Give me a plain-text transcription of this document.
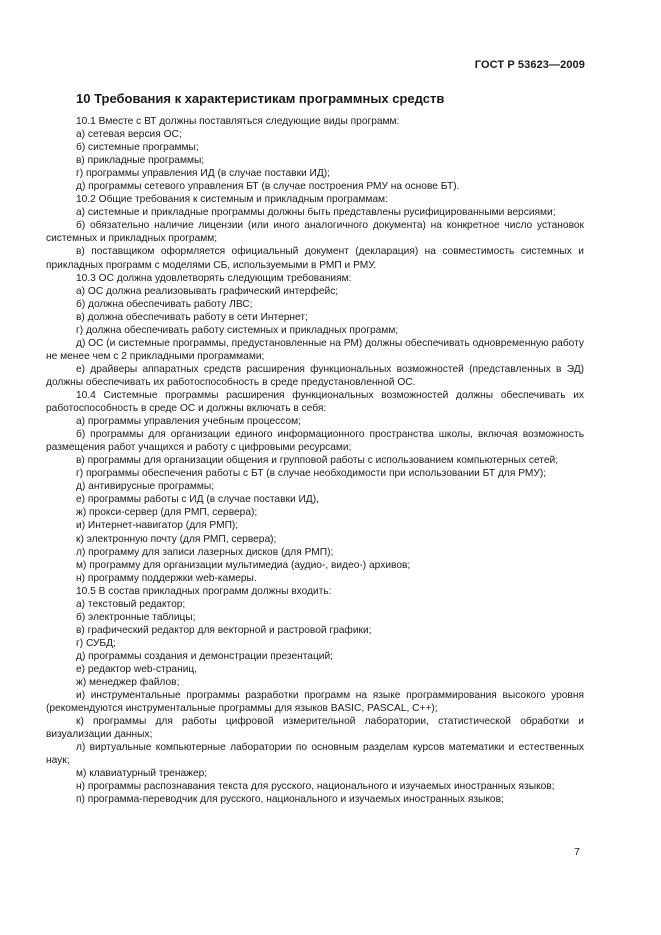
ГОСТ Р 53623—2009
10 Требования к характеристикам программных средств

10.1 Вместе с ВТ должны поставляться следующие виды программ:

а) сетевая версия ОС;

б) системные программы;

в) прикладные программы;

г) программы управления ИД (в случае поставки ИД);

д) программы сетевого управления БТ (в случае построения РМУ на основе БТ).

10.2 Общие требования к системным и прикладным программам:

а) системные и прикладные программы должны быть представлены русифицированными версиями;

б) обязательно наличие лицензии (или иного аналогичного документа) на конкретное число установок системных и прикладных программ;

в) поставщиком оформляется официальный документ (декларация) на совместимость системных и прикладных программ с моделями СБ, используемыми в РМП и РМУ.

10.3 ОС должна удовлетворять следующим требованиям:

а) ОС должна реализовывать графический интерфейс;

б) должна обеспечивать работу ЛВС;

в) должна обеспечивать работу в сети Интернет;

г) должна обеспечивать работу системных и прикладных программ;

д) ОС (и системные программы, предустановленные на РМ) должны обеспечивать одновременную работу не менее чем с 2 прикладными программами;

е) драйверы аппаратных средств расширения функциональных возможностей (представленных в ЭД) должны обеспечивать их работоспособность в среде предустановленной ОС.

10.4 Системные программы расширения функциональных возможностей должны обеспечивать их работоспособность в среде ОС и должны включать в себя:

а) программы управления учебным процессом;

б) программы для организации единого информационного пространства школы, включая возможность размещения работ учащихся и работу с цифровыми ресурсами;

в) программы для организации общения и групповой работы с использованием компьютерных сетей;

г) программы обеспечения работы с БТ (в случае необходимости при использовании БТ для РМУ);

д) антивирусные программы;

е) программы работы с ИД (в случае поставки ИД),

ж) прокси-сервер (для РМП, сервера);

и) Интернет-навигатор (для РМП);

к) электронную почту (для РМП, сервера);

л) программу для записи лазерных дисков (для РМП);

м) программу для организации мультимедиа (аудио-, видео-) архивов;

н) программу поддержки web-камеры.

10.5 В состав прикладных программ должны входить:

а) текстовый редактор;

б) электронные таблицы;

в) графический редактор для векторной и растровой графики;

г) СУБД;

д) программы создания и демонстрации презентаций;

е) редактор web-страниц,

ж) менеджер файлов;

и) инструментальные программы разработки программ на языке программирования высокого уровня (рекомендуются инструментальные программы для языков BASIC, PASCAL, C++);

к) программы для работы цифровой измерительной лаборатории, статистической обработки и визуализации данных;

л) виртуальные компьютерные лаборатории по основным разделам курсов математики и естественных наук;

м) клавиатурный тренажер;

н) программы распознавания текста для русского, национального и изучаемых иностранных языков;

п) программа-переводчик для русского, национального и изучаемых иностранных языков;

7
